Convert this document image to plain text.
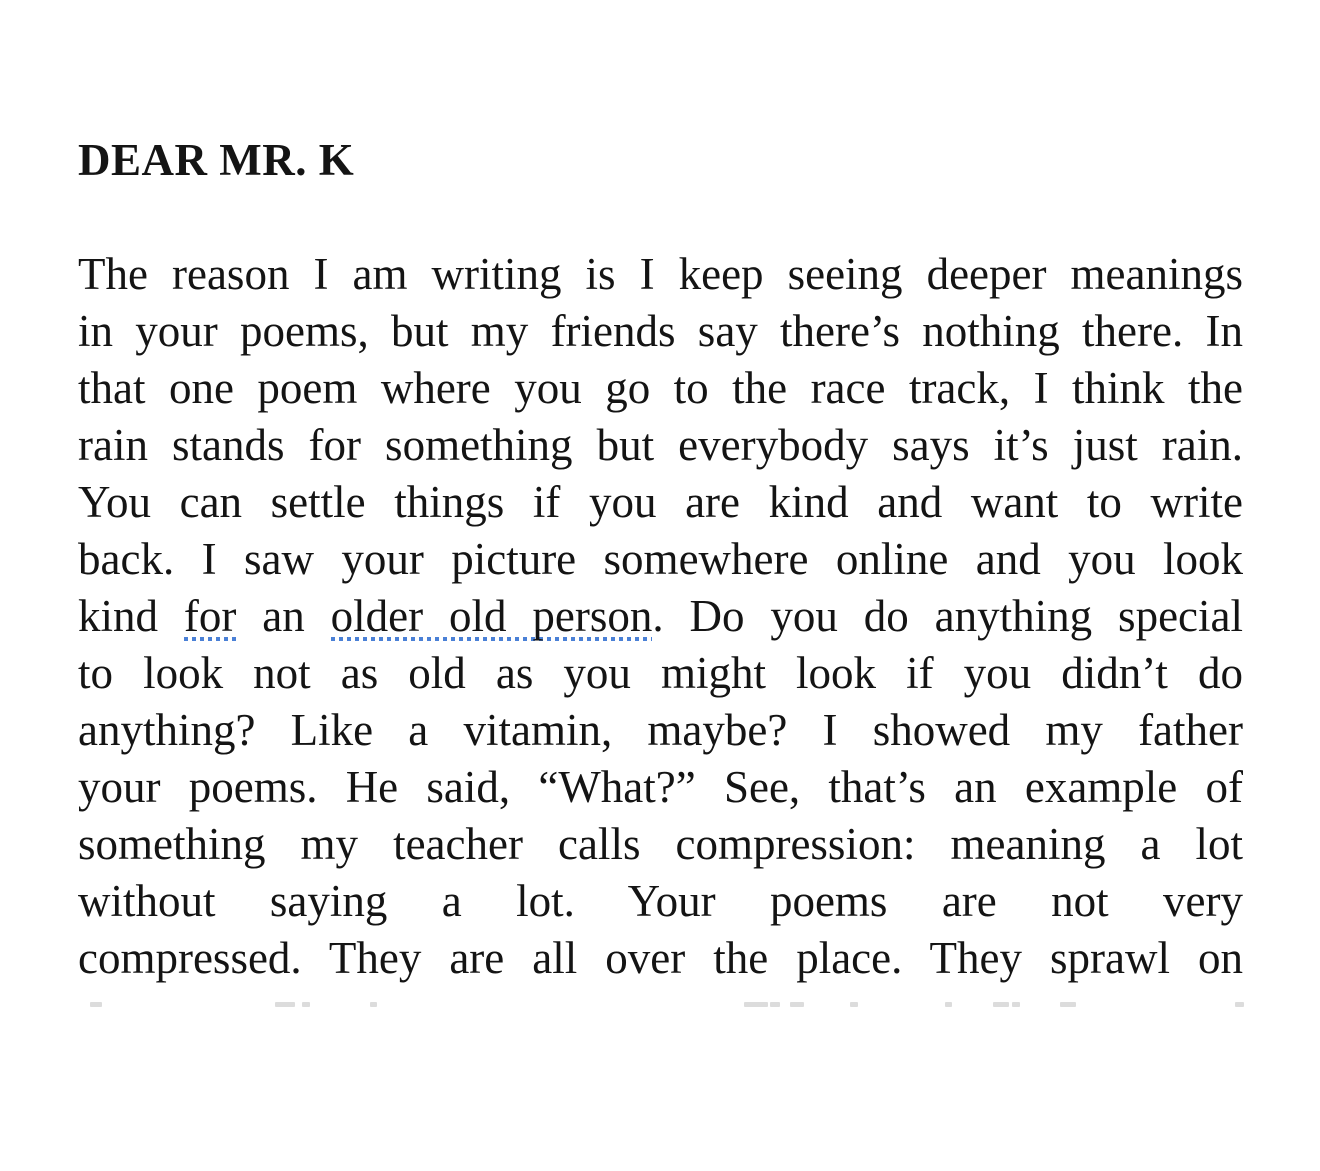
DEAR MR. K
The reason I am writing is I keep seeing deeper meanings
in your poems, but my friends say there’s nothing there. In
that one poem where you go to the race track, I think the
rain stands for something but everybody says it’s just rain.
You can settle things if you are kind and want to write
back. I saw your picture somewhere online and you look
kind for an older old person. Do you do anything special
to look not as old as you might look if you didn’t do
anything? Like a vitamin, maybe? I showed my father
your poems. He said, “What?” See, that’s an example of
something my teacher calls compression: meaning a lot
without saying a lot. Your poems are not very
compressed. They are all over the place. They sprawl on
